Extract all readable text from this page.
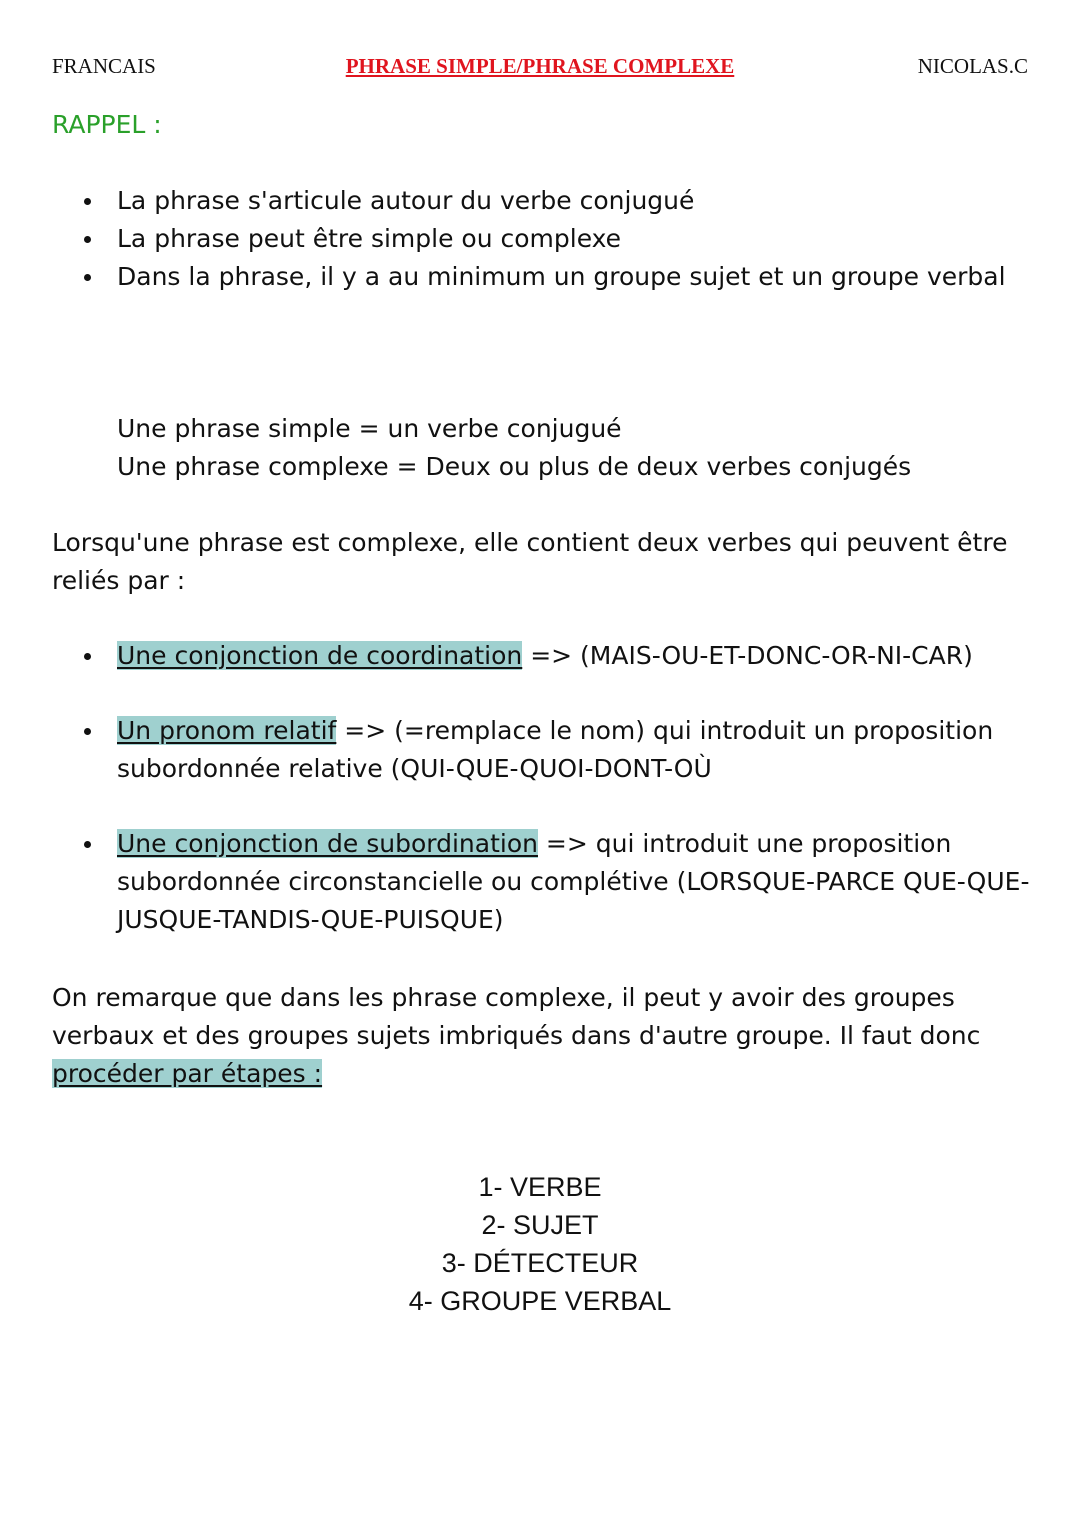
FRANCAIS	PHRASE SIMPLE/PHRASE COMPLEXE	NICOLAS.C
RAPPEL :
La phrase s'articule autour du verbe conjugué
La phrase peut être simple ou complexe
Dans la phrase, il y a au minimum un groupe sujet et un groupe verbal
Une phrase simple = un verbe conjugué
Une phrase complexe = Deux ou plus de deux verbes conjugés
Lorsqu'une phrase est complexe, elle contient deux verbes qui peuvent être reliés par :
Une conjonction de coordination => (MAIS-OU-ET-DONC-OR-NI-CAR)
Un pronom relatif => (=remplace le nom) qui introduit un proposition subordonnée relative (QUI-QUE-QUOI-DONT-OÙ
Une conjonction de subordination => qui introduit une proposition subordonnée circonstancielle ou complétive (LORSQUE-PARCE QUE-QUE-JUSQUE-TANDIS-QUE-PUISQUE)
On remarque que dans les phrase complexe, il peut y avoir des groupes verbaux et des groupes sujets imbriqués dans d'autre groupe. Il faut donc procéder par étapes :
1- VERBE
2- SUJET
3- DÉTECTEUR
4- GROUPE VERBAL
